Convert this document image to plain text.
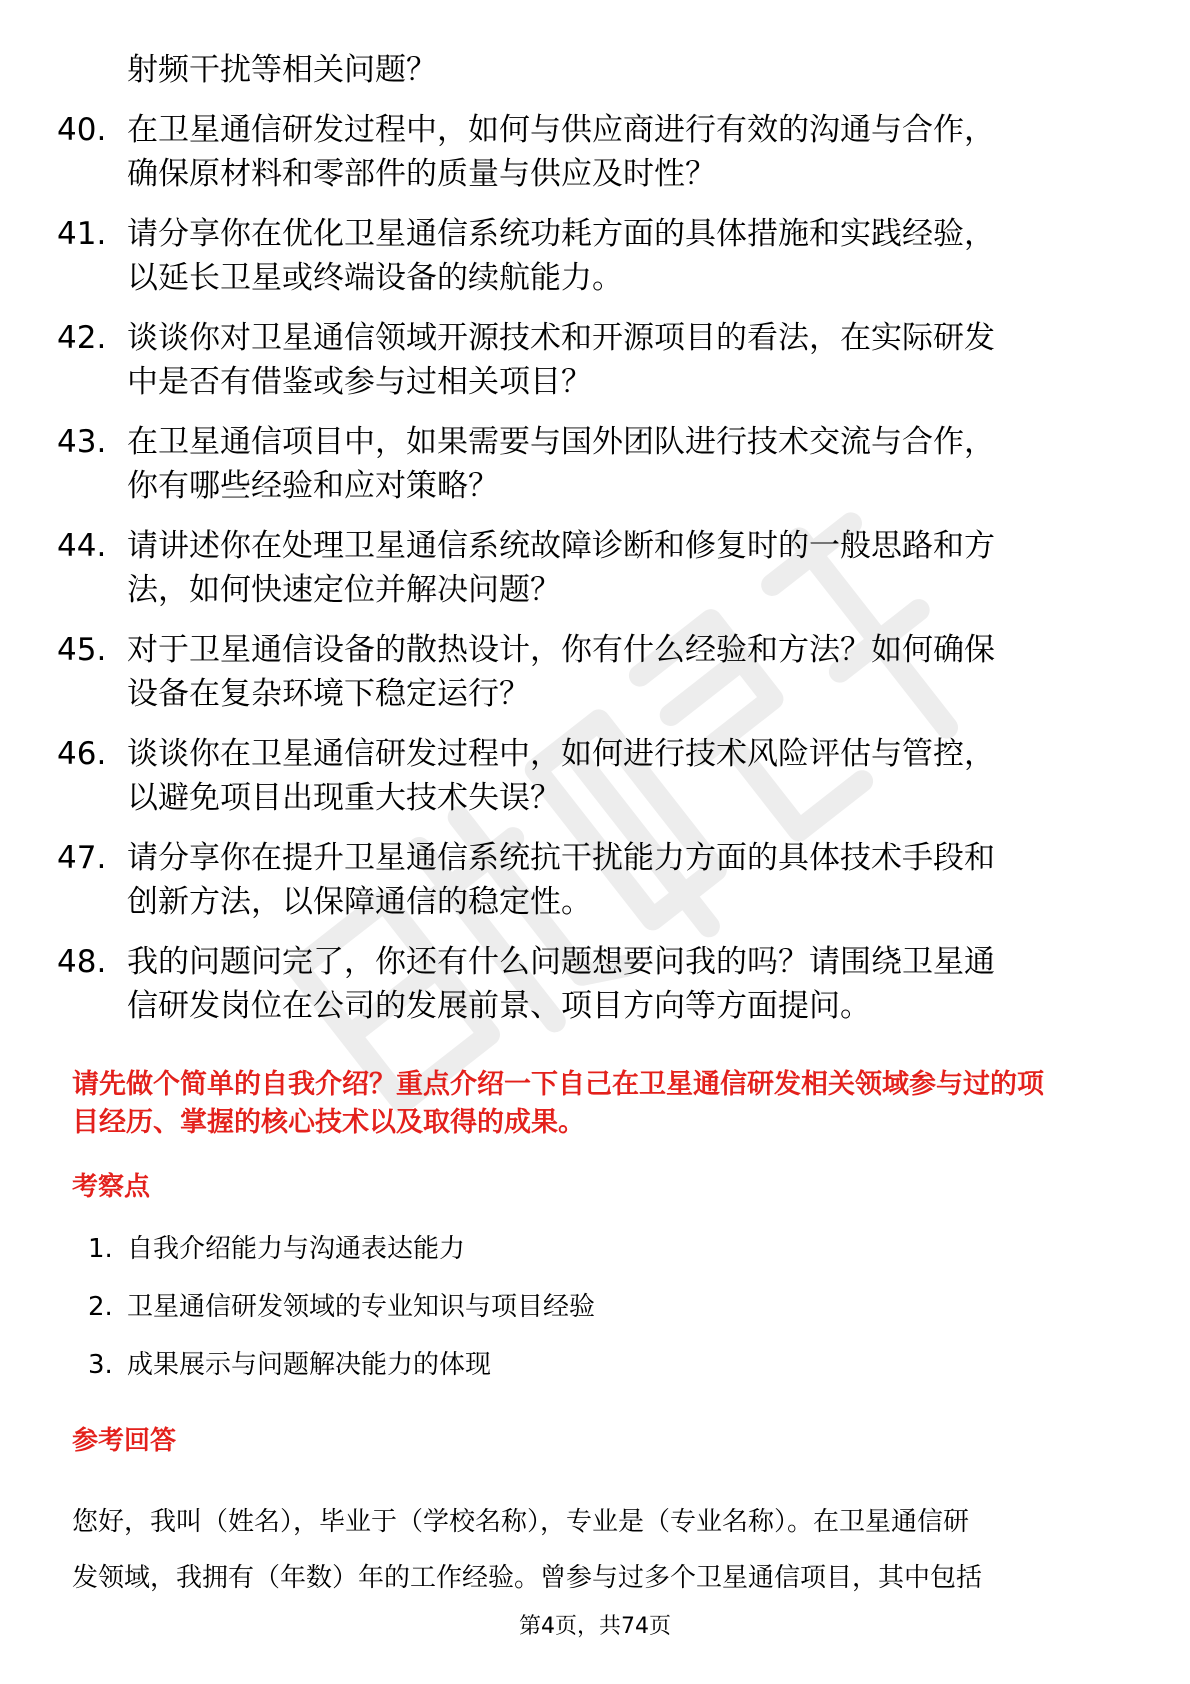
射频干扰等相关问题？

40. 在卫星通信研发过程中，如何与供应商进行有效的沟通与合作，
确保原材料和零部件的质量与供应及时性？

41. 请分享你在优化卫星通信系统功耗方面的具体措施和实践经验，
以延长卫星或终端设备的续航能力。

42. 谈谈你对卫星通信领域开源技术和开源项目的看法，在实际研发
中是否有借鉴或参与过相关项目？

43. 在卫星通信项目中，如果需要与国外团队进行技术交流与合作，
你有哪些经验和应对策略？

44. 请讲述你在处理卫星通信系统故障诊断和修复时的一般思路和方
法，如何快速定位并解决问题？

45. 对于卫星通信设备的散热设计，你有什么经验和方法？如何确保
设备在复杂环境下稳定运行？

46. 谈谈你在卫星通信研发过程中，如何进行技术风险评估与管控，
以避免项目出现重大技术失误？

47. 请分享你在提升卫星通信系统抗干扰能力方面的具体技术手段和
创新方法，以保障通信的稳定性。

48. 我的问题问完了，你还有什么问题想要问我的吗？请围绕卫星通
信研发岗位在公司的发展前景、项目方向等方面提问。

请先做个简单的自我介绍？重点介绍一下自己在卫星通信研发相关领域参与过的项
目经历、掌握的核心技术以及取得的成果。

考察点
1. 自我介绍能力与沟通表达能力
2. 卫星通信研发领域的专业知识与项目经验
3. 成果展示与问题解决能力的体现
参考回答

您好，我叫（姓名），毕业于（学校名称），专业是（专业名称）。在卫星通信研
发领域，我拥有（年数）年的工作经验。曾参与过多个卫星通信项目，其中包括

第4页，共74页
